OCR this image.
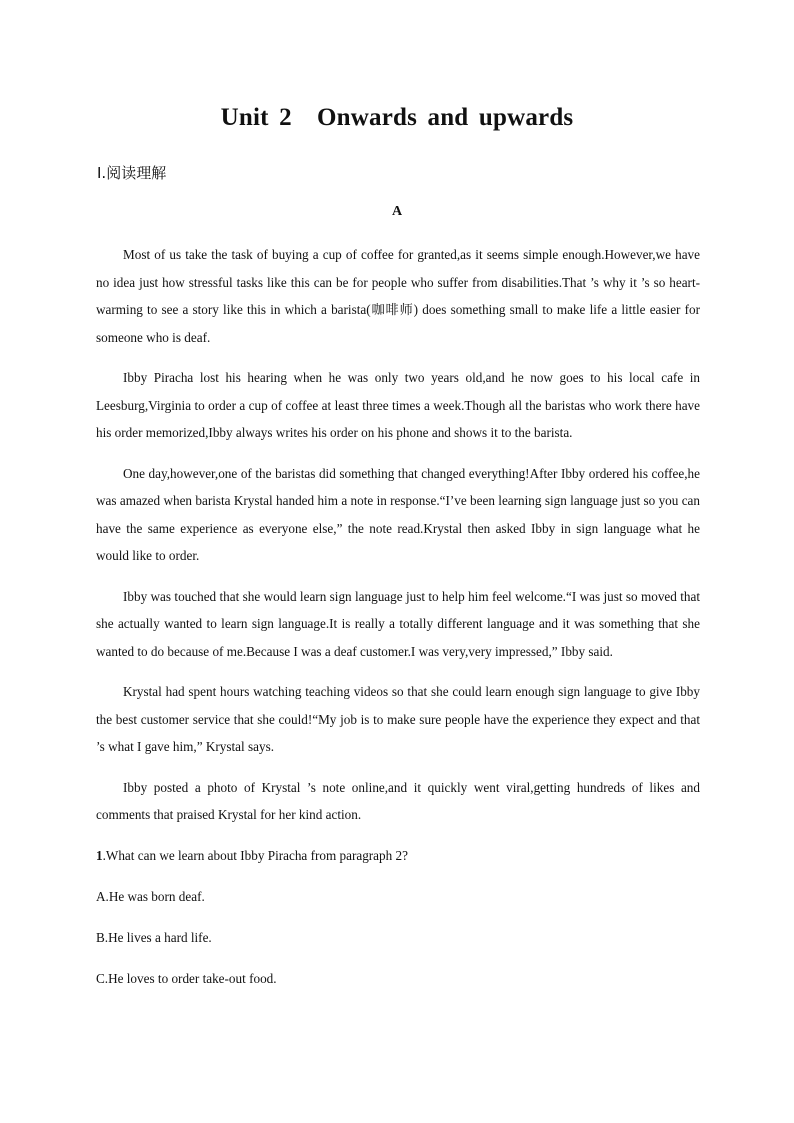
Unit 2 Onwards and upwards
Ⅰ.阅读理解
A

Most of us take the task of buying a cup of coffee for granted,as it seems simple enough.However,we have no idea just how stressful tasks like this can be for people who suffer from disabilities.That ’s why it ’s so heart-warming to see a story like this in which a barista(咖啡师) does something small to make life a little easier for someone who is deaf.

Ibby Piracha lost his hearing when he was only two years old,and he now goes to his local cafe in Leesburg,Virginia to order a cup of coffee at least three times a week.Though all the baristas who work there have his order memorized,Ibby always writes his order on his phone and shows it to the barista.

One day,however,one of the baristas did something that changed everything!After Ibby ordered his coffee,he was amazed when barista Krystal handed him a note in response.“I’ve been learning sign language just so you can have the same experience as everyone else,” the note read.Krystal then asked Ibby in sign language what he would like to order.

Ibby was touched that she would learn sign language just to help him feel welcome.“I was just so moved that she actually wanted to learn sign language.It is really a totally different language and it was something that she wanted to do because of me.Because I was a deaf customer.I was very,very impressed,” Ibby said.

Krystal had spent hours watching teaching videos so that she could learn enough sign language to give Ibby the best customer service that she could!“My job is to make sure people have the experience they expect and that ’s what I gave him,” Krystal says.

Ibby posted a photo of Krystal ’s note online,and it quickly went viral,getting hundreds of likes and comments that praised Krystal for her kind action.

1.What can we learn about Ibby Piracha from paragraph 2?

A.He was born deaf.

B.He lives a hard life.

C.He loves to order take-out food.
